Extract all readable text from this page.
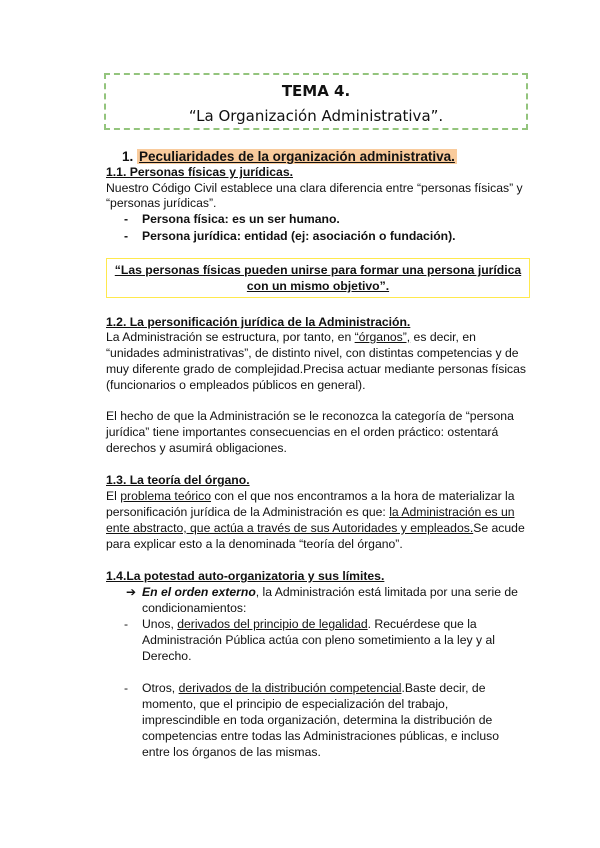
TEMA 4.
“La Organización Administrativa”.
1. Peculiaridades de la organización administrativa.
1.1. Personas físicas y jurídicas.
Nuestro Código Civil establece una clara diferencia entre “personas físicas” y
“personas jurídicas”.
- Persona física: es un ser humano.
- Persona jurídica: entidad (ej: asociación o fundación).
“Las personas físicas pueden unirse para formar una persona jurídica
con un mismo objetivo”.
1.2. La personificación jurídica de la Administración.
La Administración se estructura, por tanto, en “órganos”, es decir, en
“unidades administrativas”, de distinto nivel, con distintas competencias y de
muy diferente grado de complejidad.Precisa actuar mediante personas físicas
(funcionarios o empleados públicos en general).
El hecho de que la Administración se le reconozca la categoría de “persona
jurídica” tiene importantes consecuencias en el orden práctico: ostentará
derechos y asumirá obligaciones.
1.3. La teoría del órgano.
El problema teórico con el que nos encontramos a la hora de materializar la
personificación jurídica de la Administración es que: la Administración es un
ente abstracto, que actúa a través de sus Autoridades y empleados.Se acude
para explicar esto a la denominada “teoría del órgano”.
1.4.La potestad auto-organizatoria y sus límites.
➔ En el orden externo, la Administración está limitada por una serie de
condicionamientos:
- Unos, derivados del principio de legalidad. Recuérdese que la
Administración Pública actúa con pleno sometimiento a la ley y al
Derecho.
- Otros, derivados de la distribución competencial.Baste decir, de
momento, que el principio de especialización del trabajo,
imprescindible en toda organización, determina la distribución de
competencias entre todas las Administraciones públicas, e incluso
entre los órganos de las mismas.
